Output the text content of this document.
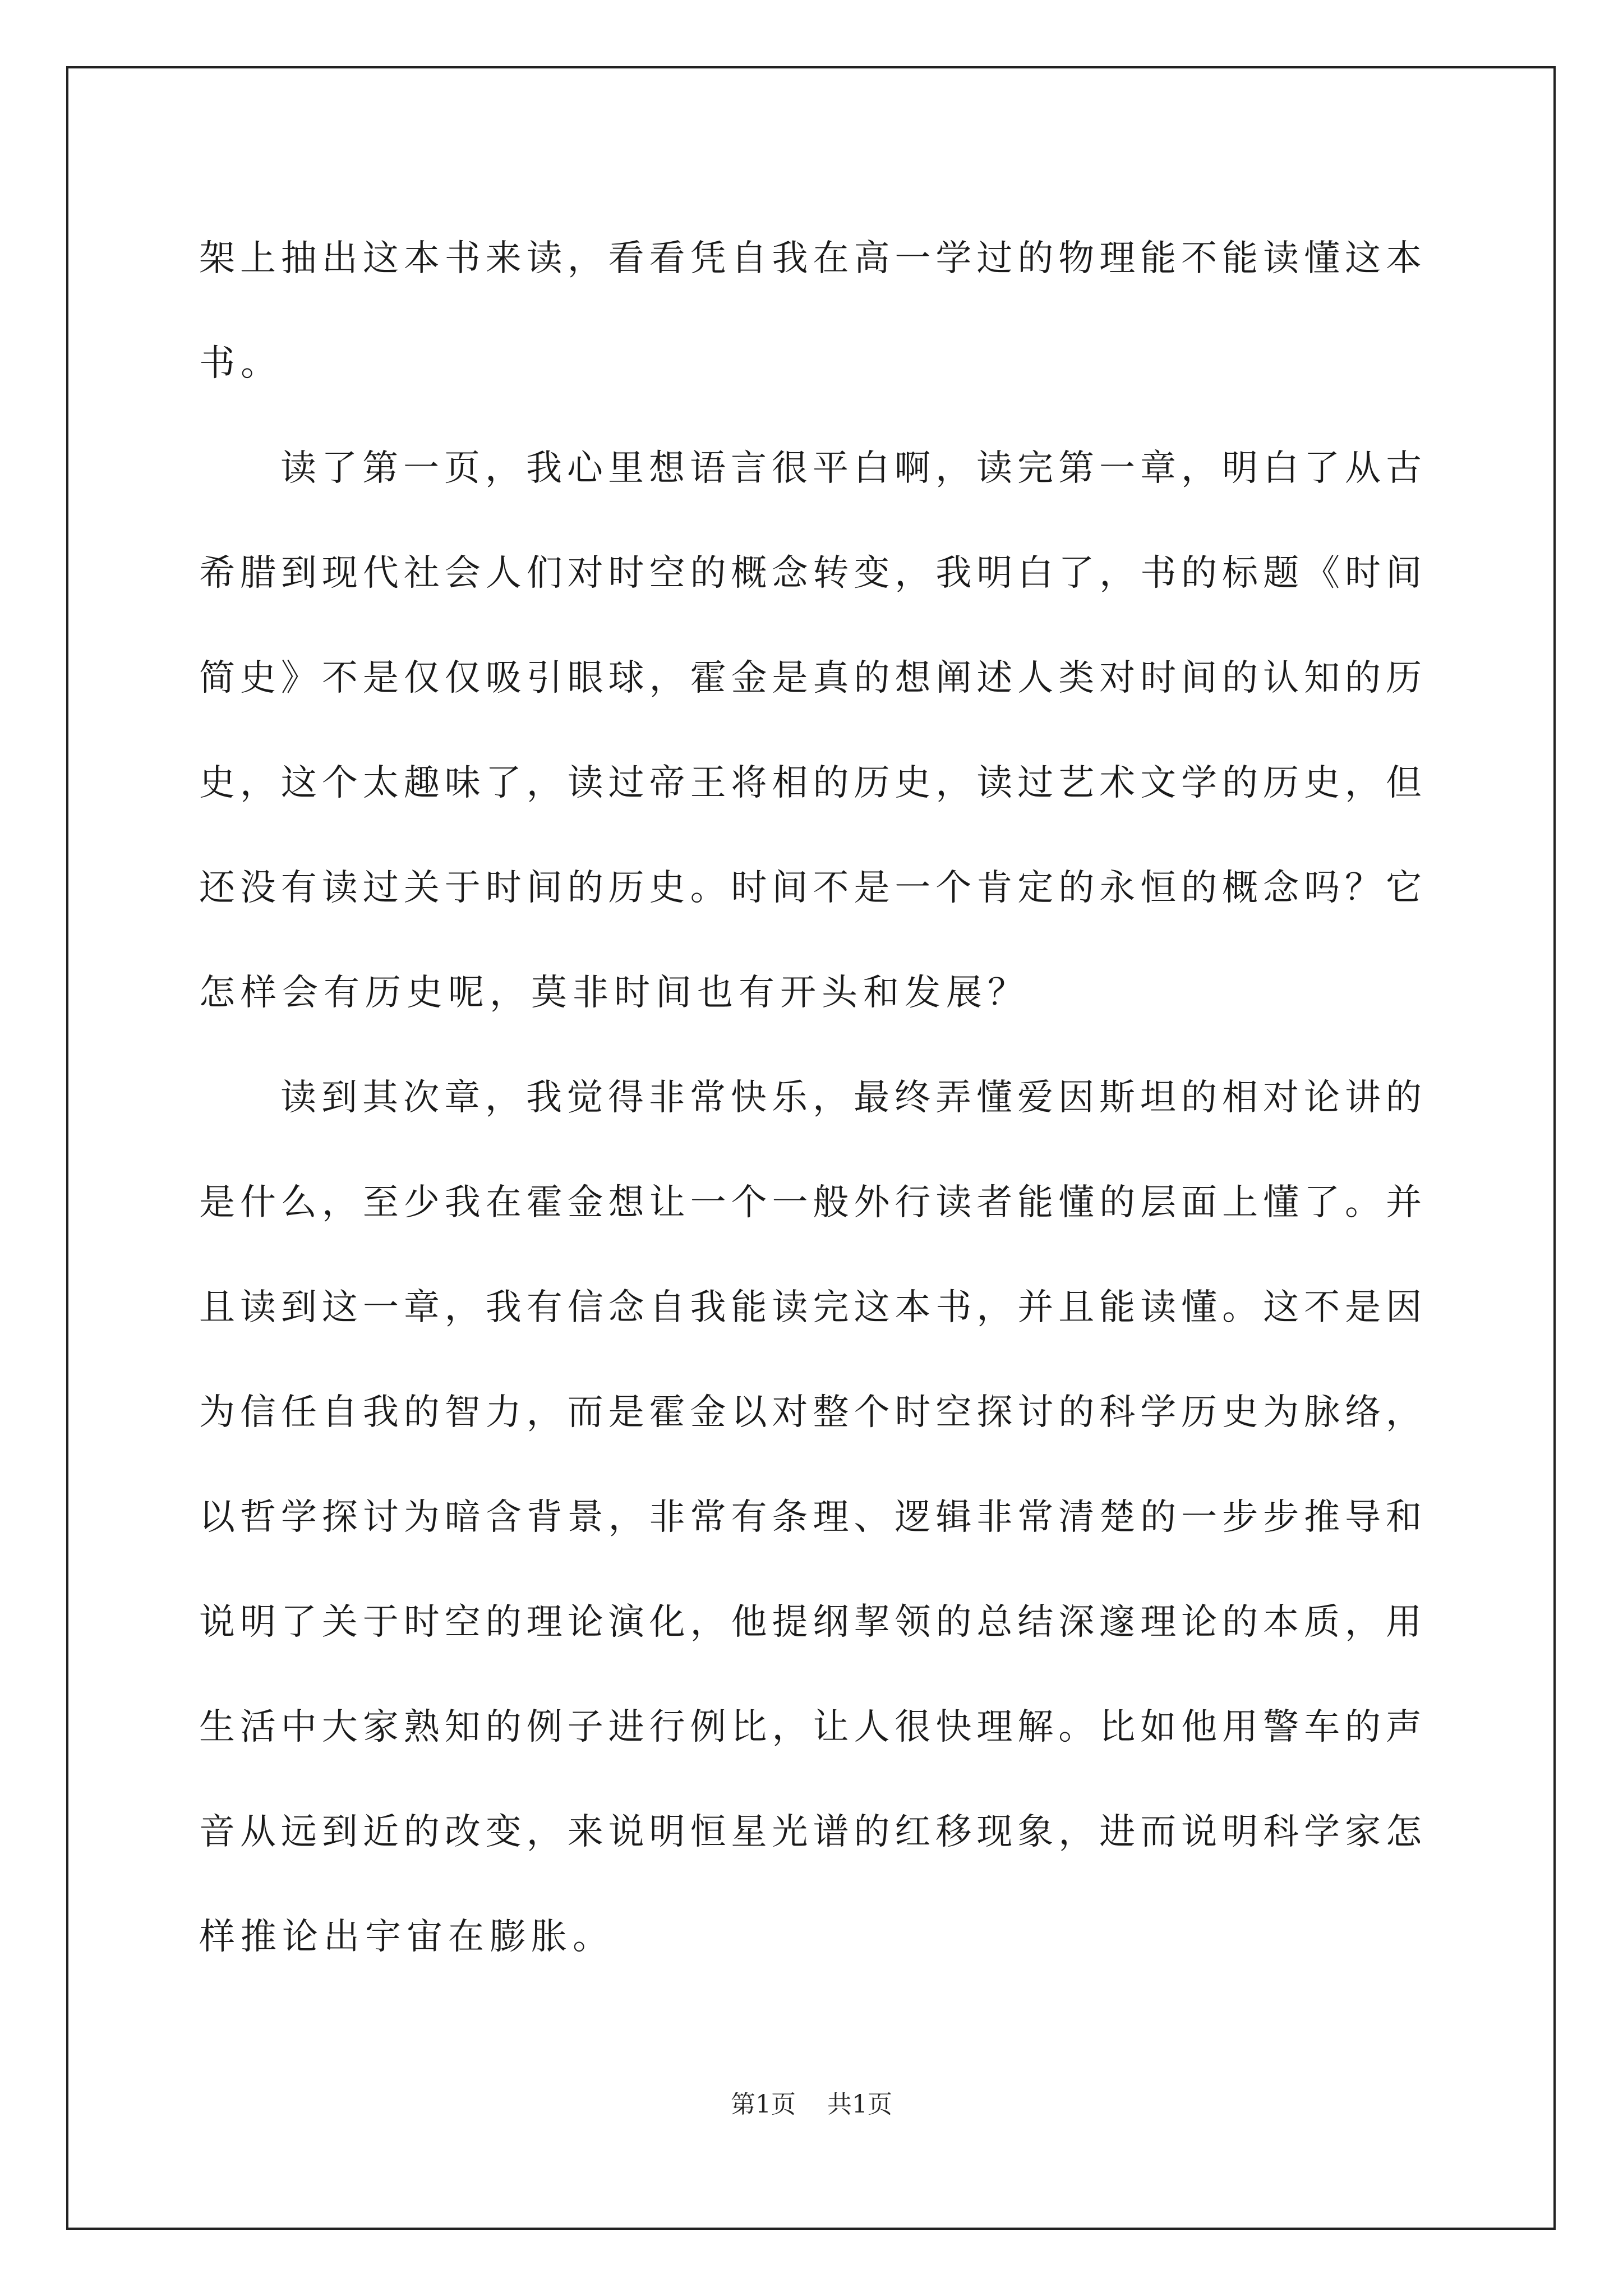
架上抽出这本书来读，看看凭自我在高一学过的物理能不能读懂这本
书。
读了第一页，我心里想语言很平白啊，读完第一章，明白了从古
希腊到现代社会人们对时空的概念转变，我明白了，书的标题《时间
简史》不是仅仅吸引眼球，霍金是真的想阐述人类对时间的认知的历
史，这个太趣味了，读过帝王将相的历史，读过艺术文学的历史，但
还没有读过关于时间的历史。时间不是一个肯定的永恒的概念吗？它
怎样会有历史呢，莫非时间也有开头和发展？
读到其次章，我觉得非常快乐，最终弄懂爱因斯坦的相对论讲的
是什么，至少我在霍金想让一个一般外行读者能懂的层面上懂了。并
且读到这一章，我有信念自我能读完这本书，并且能读懂。这不是因
为信任自我的智力，而是霍金以对整个时空探讨的科学历史为脉络，
以哲学探讨为暗含背景，非常有条理、逻辑非常清楚的一步步推导和
说明了关于时空的理论演化，他提纲挈领的总结深邃理论的本质，用
生活中大家熟知的例子进行例比，让人很快理解。比如他用警车的声
音从远到近的改变，来说明恒星光谱的红移现象，进而说明科学家怎
样推论出宇宙在膨胀。
第1页 共1页
